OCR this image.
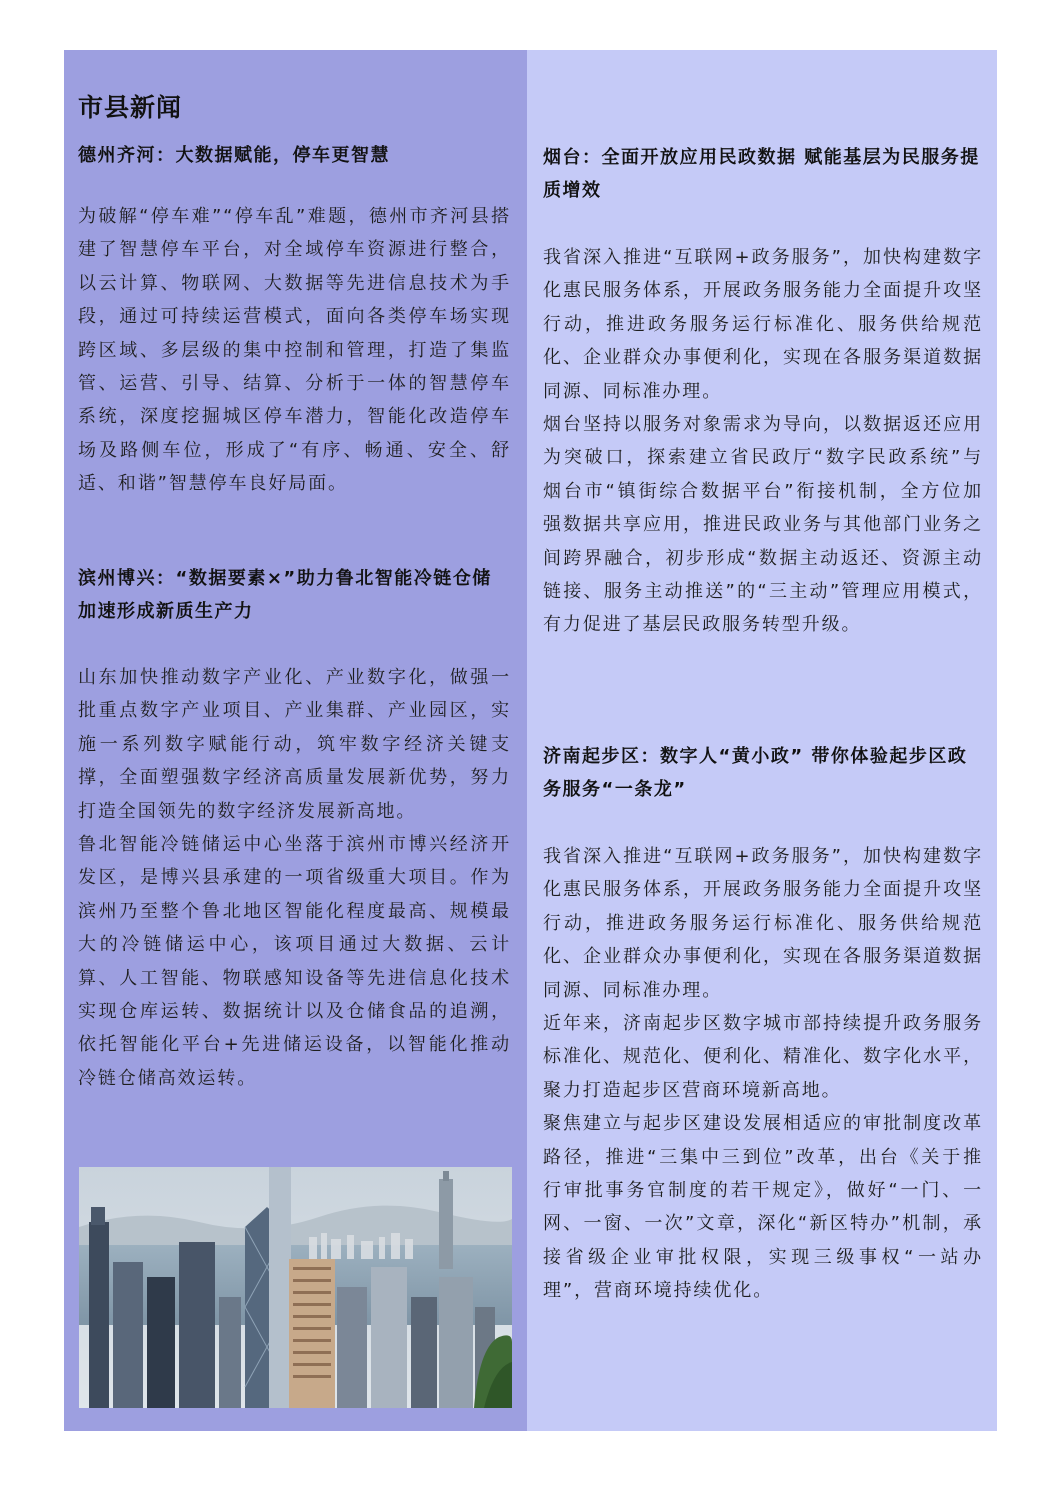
市县新闻
德州齐河：大数据赋能，停车更智慧

为破解“停车难”“停车乱”难题，德州市齐河县搭建了智慧停车平台，对全域停车资源进行整合，以云计算、物联网、大数据等先进信息技术为手段，通过可持续运营模式，面向各类停车场实现跨区域、多层级的集中控制和管理，打造了集监管、运营、引导、结算、分析于一体的智慧停车系统，深度挖掘城区停车潜力，智能化改造停车场及路侧车位，形成了“有序、畅通、安全、舒适、和谐”智慧停车良好局面。

滨州博兴：“数据要素×”助力鲁北智能冷链仓储加速形成新质生产力

山东加快推动数字产业化、产业数字化，做强一批重点数字产业项目、产业集群、产业园区，实施一系列数字赋能行动，筑牢数字经济关键支撑，全面塑强数字经济高质量发展新优势，努力打造全国领先的数字经济发展新高地。

鲁北智能冷链储运中心坐落于滨州市博兴经济开发区，是博兴县承建的一项省级重大项目。作为滨州乃至整个鲁北地区智能化程度最高、规模最大的冷链储运中心，该项目通过大数据、云计算、人工智能、物联感知设备等先进信息化技术实现仓库运转、数据统计以及仓储食品的追溯，依托智能化平台+先进储运设备，以智能化推动冷链仓储高效运转。

烟台：全面开放应用民政数据 赋能基层为民服务提质增效

我省深入推进“互联网+政务服务”，加快构建数字化惠民服务体系，开展政务服务能力全面提升攻坚行动，推进政务服务运行标准化、服务供给规范化、企业群众办事便利化，实现在各服务渠道数据同源、同标准办理。

烟台坚持以服务对象需求为导向，以数据返还应用为突破口，探索建立省民政厅“数字民政系统”与烟台市“镇街综合数据平台”衔接机制，全方位加强数据共享应用，推进民政业务与其他部门业务之间跨界融合，初步形成“数据主动返还、资源主动链接、服务主动推送”的“三主动”管理应用模式，有力促进了基层民政服务转型升级。

济南起步区：数字人“黄小政” 带你体验起步区政务服务“一条龙”

我省深入推进“互联网+政务服务”，加快构建数字化惠民服务体系，开展政务服务能力全面提升攻坚行动，推进政务服务运行标准化、服务供给规范化、企业群众办事便利化，实现在各服务渠道数据同源、同标准办理。

近年来，济南起步区数字城市部持续提升政务服务标准化、规范化、便利化、精准化、数字化水平，聚力打造起步区营商环境新高地。

聚焦建立与起步区建设发展相适应的审批制度改革路径，推进“三集中三到位”改革，出台《关于推行审批事务官制度的若干规定》，做好“一门、一网、一窗、一次”文章，深化“新区特办”机制，承接省级企业审批权限，实现三级事权“一站办理”，营商环境持续优化。
